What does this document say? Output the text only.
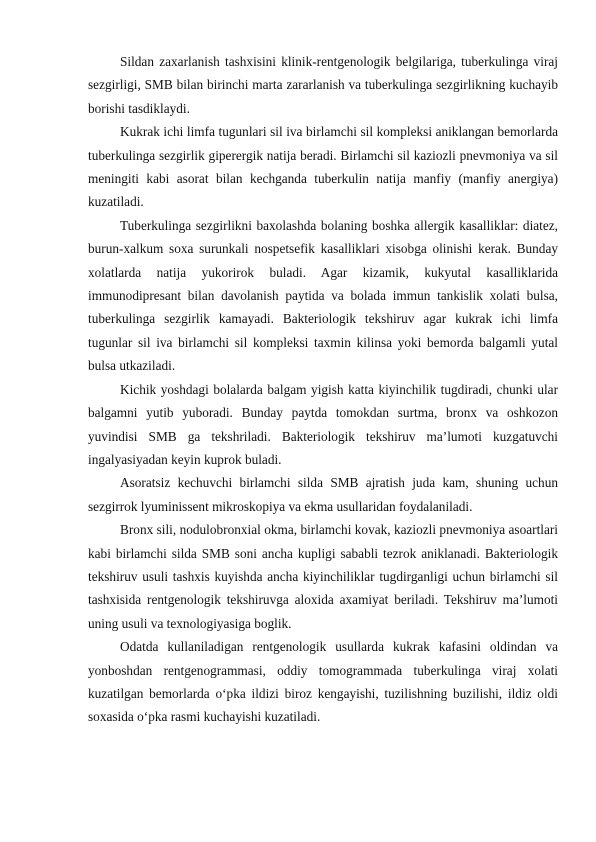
Sildan zaxarlanish tashxisini klinik-rentgenologik belgilariga, tuberkulinga viraj sezgirligi, SMB bilan birinchi marta zararlanish va tuberkulinga sezgirlikning kuchayib borishi tasdiklaydi.

Kukrak ichi limfa tugunlari sil iva birlamchi sil kompleksi aniklangan bemorlarda tuberkulinga sezgirlik giperergik natija beradi. Birlamchi sil kaziozli pnevmoniya va sil meningiti kabi asorat bilan kechganda tuberkulin natija manfiy (manfiy anergiya) kuzatiladi.

Tuberkulinga sezgirlikni baxolashda bolaning boshka allergik kasalliklar: diatez, burun-xalkum soxa surunkali nospetsefik kasalliklari xisobga olinishi kerak. Bunday xolatlarda natija yukorirok buladi. Agar kizamik, kukyutal kasalliklarida immunodipresant bilan davolanish paytida va bolada immun tankislik xolati bulsa, tuberkulinga sezgirlik kamayadi. Bakteriologik tekshiruv agar kukrak ichi limfa tugunlar sil iva birlamchi sil kompleksi taxmin kilinsa yoki bemorda balgamli yutal bulsa utkaziladi.

Kichik yoshdagi bolalarda balgam yigish katta kiyinchilik tugdiradi, chunki ular balgamni yutib yuboradi. Bunday paytda tomokdan surtma, bronx va oshkozon yuvindisi SMB ga tekshriladi. Bakteriologik tekshiruv ma’lumoti kuzgatuvchi ingalyasiyadan keyin kuprok buladi.

Asoratsiz kechuvchi birlamchi silda SMB ajratish juda kam, shuning uchun sezgirrok lyuminissent mikroskopiya va ekma usullaridan foydalaniladi.

Bronx sili, nodulobronxial okma, birlamchi kovak, kaziozli pnevmoniya asoartlari kabi birlamchi silda SMB soni ancha kupligi sababli tezrok aniklanadi. Bakteriologik tekshiruv usuli tashxis kuyishda ancha kiyinchiliklar tugdirganligi uchun birlamchi sil tashxisida rentgenologik tekshiruvga aloxida axamiyat beriladi. Tekshiruv ma’lumoti uning usuli va texnologiyasiga boglik.

Odatda kullaniladigan rentgenologik usullarda kukrak kafasini oldindan va yonboshdan rentgenogrammasi, oddiy tomogrammada tuberkulinga viraj xolati kuzatilgan bemorlarda o‘pka ildizi biroz kengayishi, tuzilishning buzilishi, ildiz oldi soxasida o‘pka rasmi kuchayishi kuzatiladi.
